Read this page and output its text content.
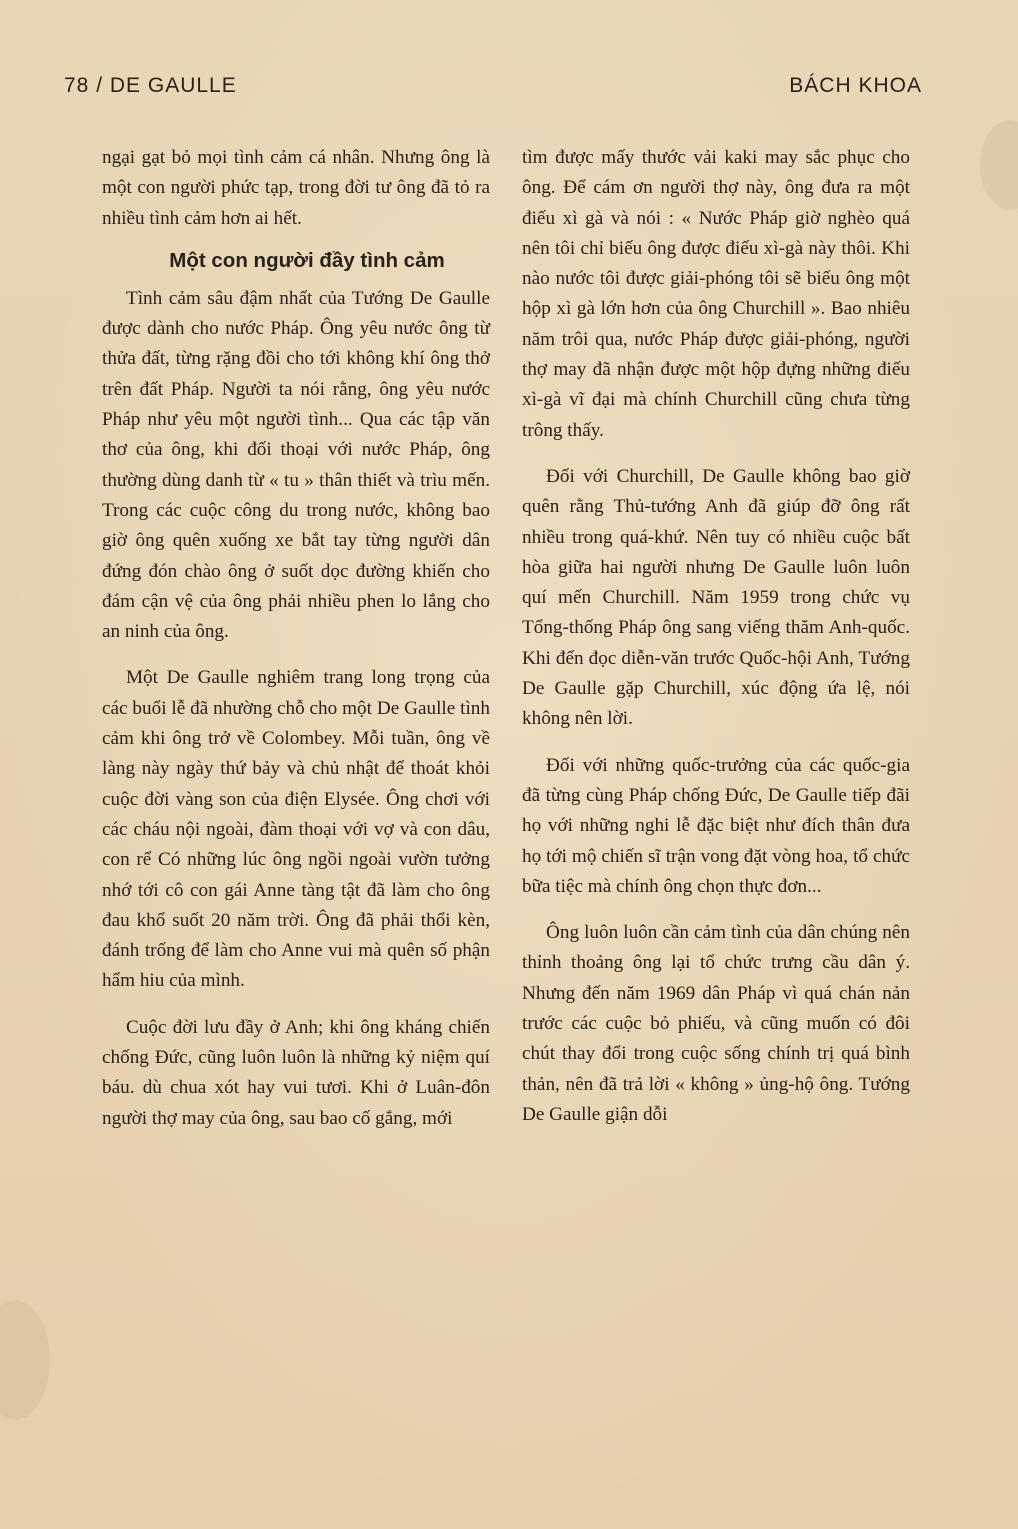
78 / DE GAULLE	BÁCH KHOA

ngại gạt bỏ mọi tình cảm cá nhân. Nhưng ông là một con người phức tạp, trong đời tư ông đã tỏ ra nhiều tình cảm hơn ai hết.

Một con người đầy tình cảm

Tình cảm sâu đậm nhất của Tướng De Gaulle được dành cho nước Pháp. Ông yêu nước ông từ thửa đất, từng rặng đồi cho tới không khí ông thở trên đất Pháp. Người ta nói rằng, ông yêu nước Pháp như yêu một người tình... Qua các tập văn thơ của ông, khi đối thoại với nước Pháp, ông thường dùng danh từ « tu » thân thiết và trìu mến. Trong các cuộc công du trong nước, không bao giờ ông quên xuống xe bắt tay từng người dân đứng đón chào ông ở suốt dọc đường khiến cho đám cận vệ của ông phải nhiều phen lo lắng cho an ninh của ông.

Một De Gaulle nghiêm trang long trọng của các buổi lễ đã nhường chỗ cho một De Gaulle tình cảm khi ông trở về Colombey. Mỗi tuần, ông về làng này ngày thứ bảy và chủ nhật để thoát khỏi cuộc đời vàng son của điện Elysée. Ông chơi với các cháu nội ngoài, đàm thoại với vợ và con dâu, con rể Có những lúc ông ngồi ngoài vườn tưởng nhớ tới cô con gái Anne tàng tật đã làm cho ông đau khổ suốt 20 năm trời. Ông đã phải thổi kèn, đánh trống để làm cho Anne vui mà quên số phận hẩm hiu của mình.

Cuộc đời lưu đầy ở Anh; khi ông kháng chiến chống Đức, cũng luôn luôn là những kỷ niệm quí báu. dù chua xót hay vui tươi. Khi ở Luân-đôn người thợ may của ông, sau bao cố gắng, mới

tìm được mấy thước vải kaki may sắc phục cho ông. Để cám ơn người thợ này, ông đưa ra một điếu xì gà và nói : « Nước Pháp giờ nghèo quá nên tôi chỉ biếu ông được điếu xì-gà này thôi. Khi nào nước tôi được giải-phóng tôi sẽ biếu ông một hộp xì gà lớn hơn của ông Churchill ». Bao nhiêu năm trôi qua, nước Pháp được giải-phóng, người thợ may đã nhận được một hộp đựng những điếu xì-gà vĩ đại mà chính Churchill cũng chưa từng trông thấy.

Đối với Churchill, De Gaulle không bao giờ quên rằng Thủ-tướng Anh đã giúp đỡ ông rất nhiều trong quá-khứ. Nên tuy có nhiều cuộc bất hòa giữa hai người nhưng De Gaulle luôn luôn quí mến Churchill. Năm 1959 trong chức vụ Tổng-thống Pháp ông sang viếng thăm Anh-quốc. Khi đến đọc diễn-văn trước Quốc-hội Anh, Tướng De Gaulle gặp Churchill, xúc động ứa lệ, nói không nên lời.

Đối với những quốc-trưởng của các quốc-gia đã từng cùng Pháp chống Đức, De Gaulle tiếp đãi họ với những nghi lễ đặc biệt như đích thân đưa họ tới mộ chiến sĩ trận vong đặt vòng hoa, tổ chức bữa tiệc mà chính ông chọn thực đơn...

Ông luôn luôn cần cảm tình của dân chúng nên thỉnh thoảng ông lại tổ chức trưng cầu dân ý. Nhưng đến năm 1969 dân Pháp vì quá chán nản trước các cuộc bỏ phiếu, và cũng muốn có đôi chút thay đổi trong cuộc sống chính trị quá bình thản, nên đã trả lời « không » ủng-hộ ông. Tướng De Gaulle giận dỗi
